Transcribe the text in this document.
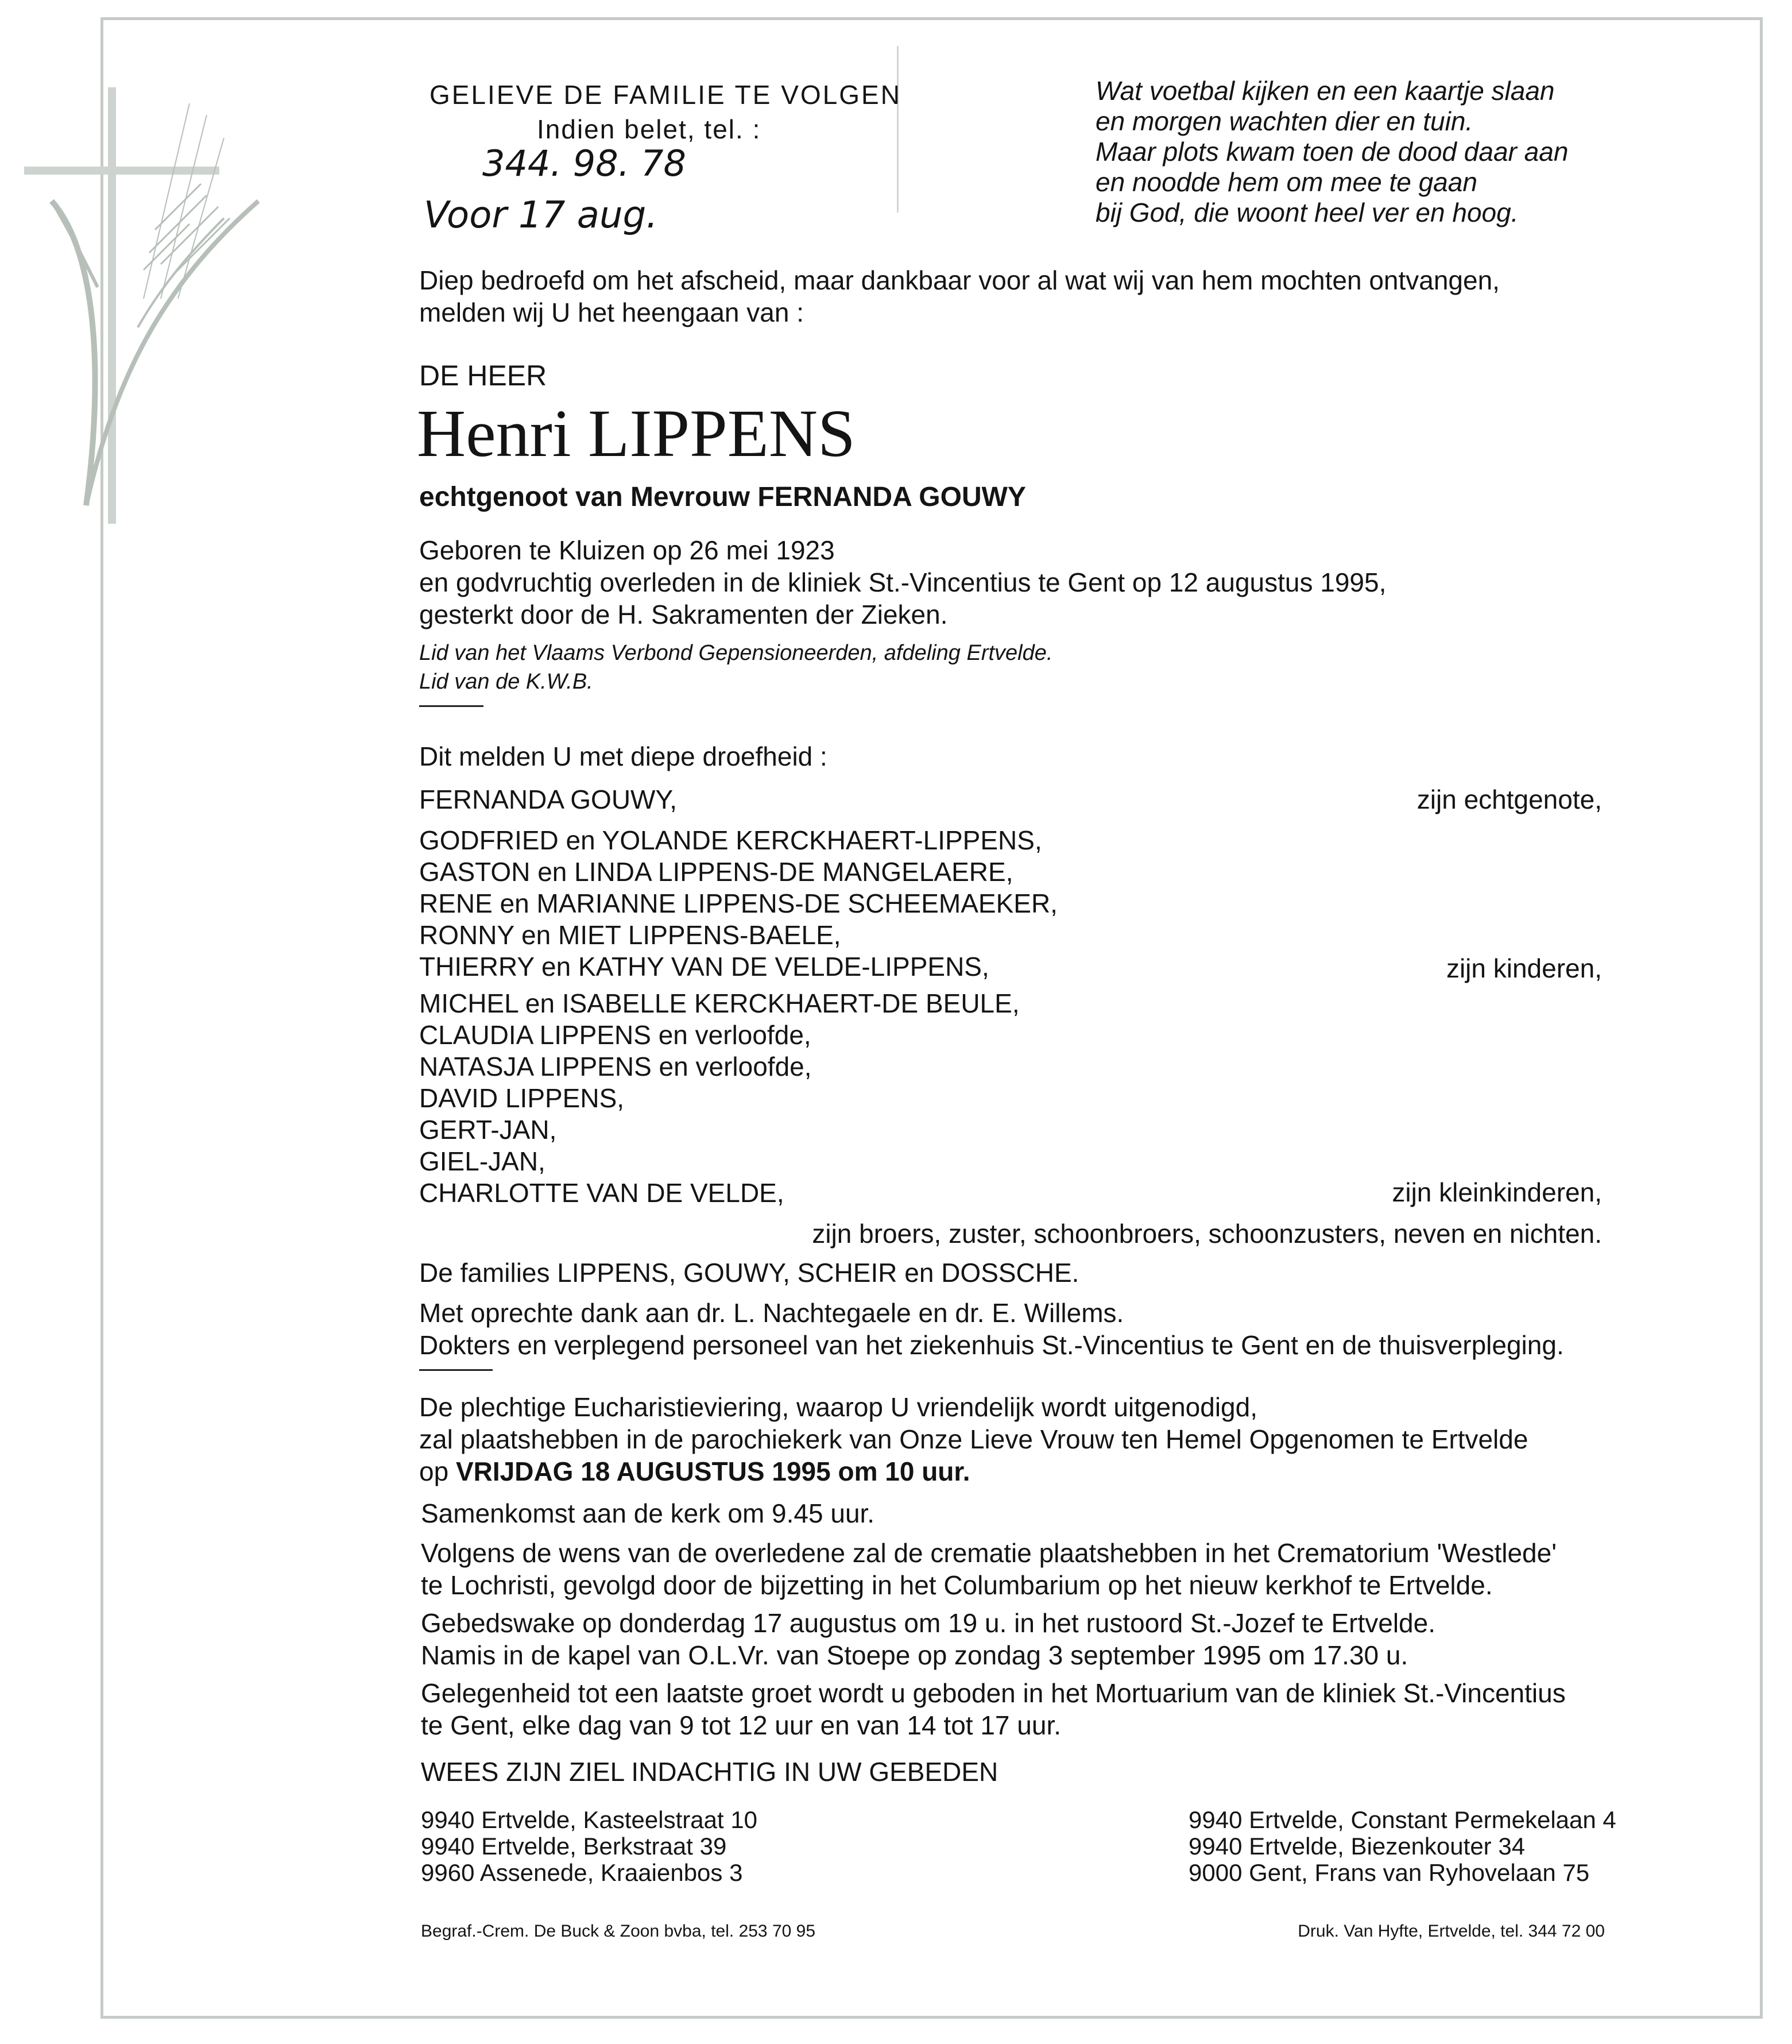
GELIEVE DE FAMILIE TE VOLGEN
Indien belet, tel. :
344. 98. 78
Voor 17 aug.
Wat voetbal kijken en een kaartje slaan
en morgen wachten dier en tuin.
Maar plots kwam toen de dood daar aan
en noodde hem om mee te gaan
bij God, die woont heel ver en hoog.
Diep bedroefd om het afscheid, maar dankbaar voor al wat wij van hem mochten ontvangen,
melden wij U het heengaan van :
DE HEER
Henri LIPPENS
echtgenoot van Mevrouw FERNANDA GOUWY
Geboren te Kluizen op 26 mei 1923
en godvruchtig overleden in de kliniek St.-Vincentius te Gent op 12 augustus 1995,
gesterkt door de H. Sakramenten der Zieken.
Lid van het Vlaams Verbond Gepensioneerden, afdeling Ertvelde.
Lid van de K.W.B.
Dit melden U met diepe droefheid :
FERNANDA GOUWY,	zijn echtgenote,
GODFRIED en YOLANDE KERCKHAERT-LIPPENS,
GASTON en LINDA LIPPENS-DE MANGELAERE,
RENE en MARIANNE LIPPENS-DE SCHEEMAEKER,
RONNY en MIET LIPPENS-BAELE,
THIERRY en KATHY VAN DE VELDE-LIPPENS,	zijn kinderen,
MICHEL en ISABELLE KERCKHAERT-DE BEULE,
CLAUDIA LIPPENS en verloofde,
NATASJA LIPPENS en verloofde,
DAVID LIPPENS,
GERT-JAN,
GIEL-JAN,
CHARLOTTE VAN DE VELDE,	zijn kleinkinderen,
zijn broers, zuster, schoonbroers, schoonzusters, neven en nichten.
De families LIPPENS, GOUWY, SCHEIR en DOSSCHE.
Met oprechte dank aan dr. L. Nachtegaele en dr. E. Willems.
Dokters en verplegend personeel van het ziekenhuis St.-Vincentius te Gent en de thuisverpleging.
De plechtige Eucharistieviering, waarop U vriendelijk wordt uitgenodigd,
zal plaatshebben in de parochiekerk van Onze Lieve Vrouw ten Hemel Opgenomen te Ertvelde
op VRIJDAG 18 AUGUSTUS 1995 om 10 uur.
Samenkomst aan de kerk om 9.45 uur.
Volgens de wens van de overledene zal de crematie plaatshebben in het Crematorium 'Westlede'
te Lochristi, gevolgd door de bijzetting in het Columbarium op het nieuw kerkhof te Ertvelde.
Gebedswake op donderdag 17 augustus om 19 u. in het rustoord St.-Jozef te Ertvelde.
Namis in de kapel van O.L.Vr. van Stoepe op zondag 3 september 1995 om 17.30 u.
Gelegenheid tot een laatste groet wordt u geboden in het Mortuarium van de kliniek St.-Vincentius
te Gent, elke dag van 9 tot 12 uur en van 14 tot 17 uur.
WEES ZIJN ZIEL INDACHTIG IN UW GEBEDEN
9940 Ertvelde, Kasteelstraat 10
9940 Ertvelde, Berkstraat 39
9960 Assenede, Kraaienbos 3
9940 Ertvelde, Constant Permekelaan 4
9940 Ertvelde, Biezenkouter 34
9000 Gent, Frans van Ryhovelaan 75
Begraf.-Crem. De Buck & Zoon bvba, tel. 253 70 95	Druk. Van Hyfte, Ertvelde, tel. 344 72 00
